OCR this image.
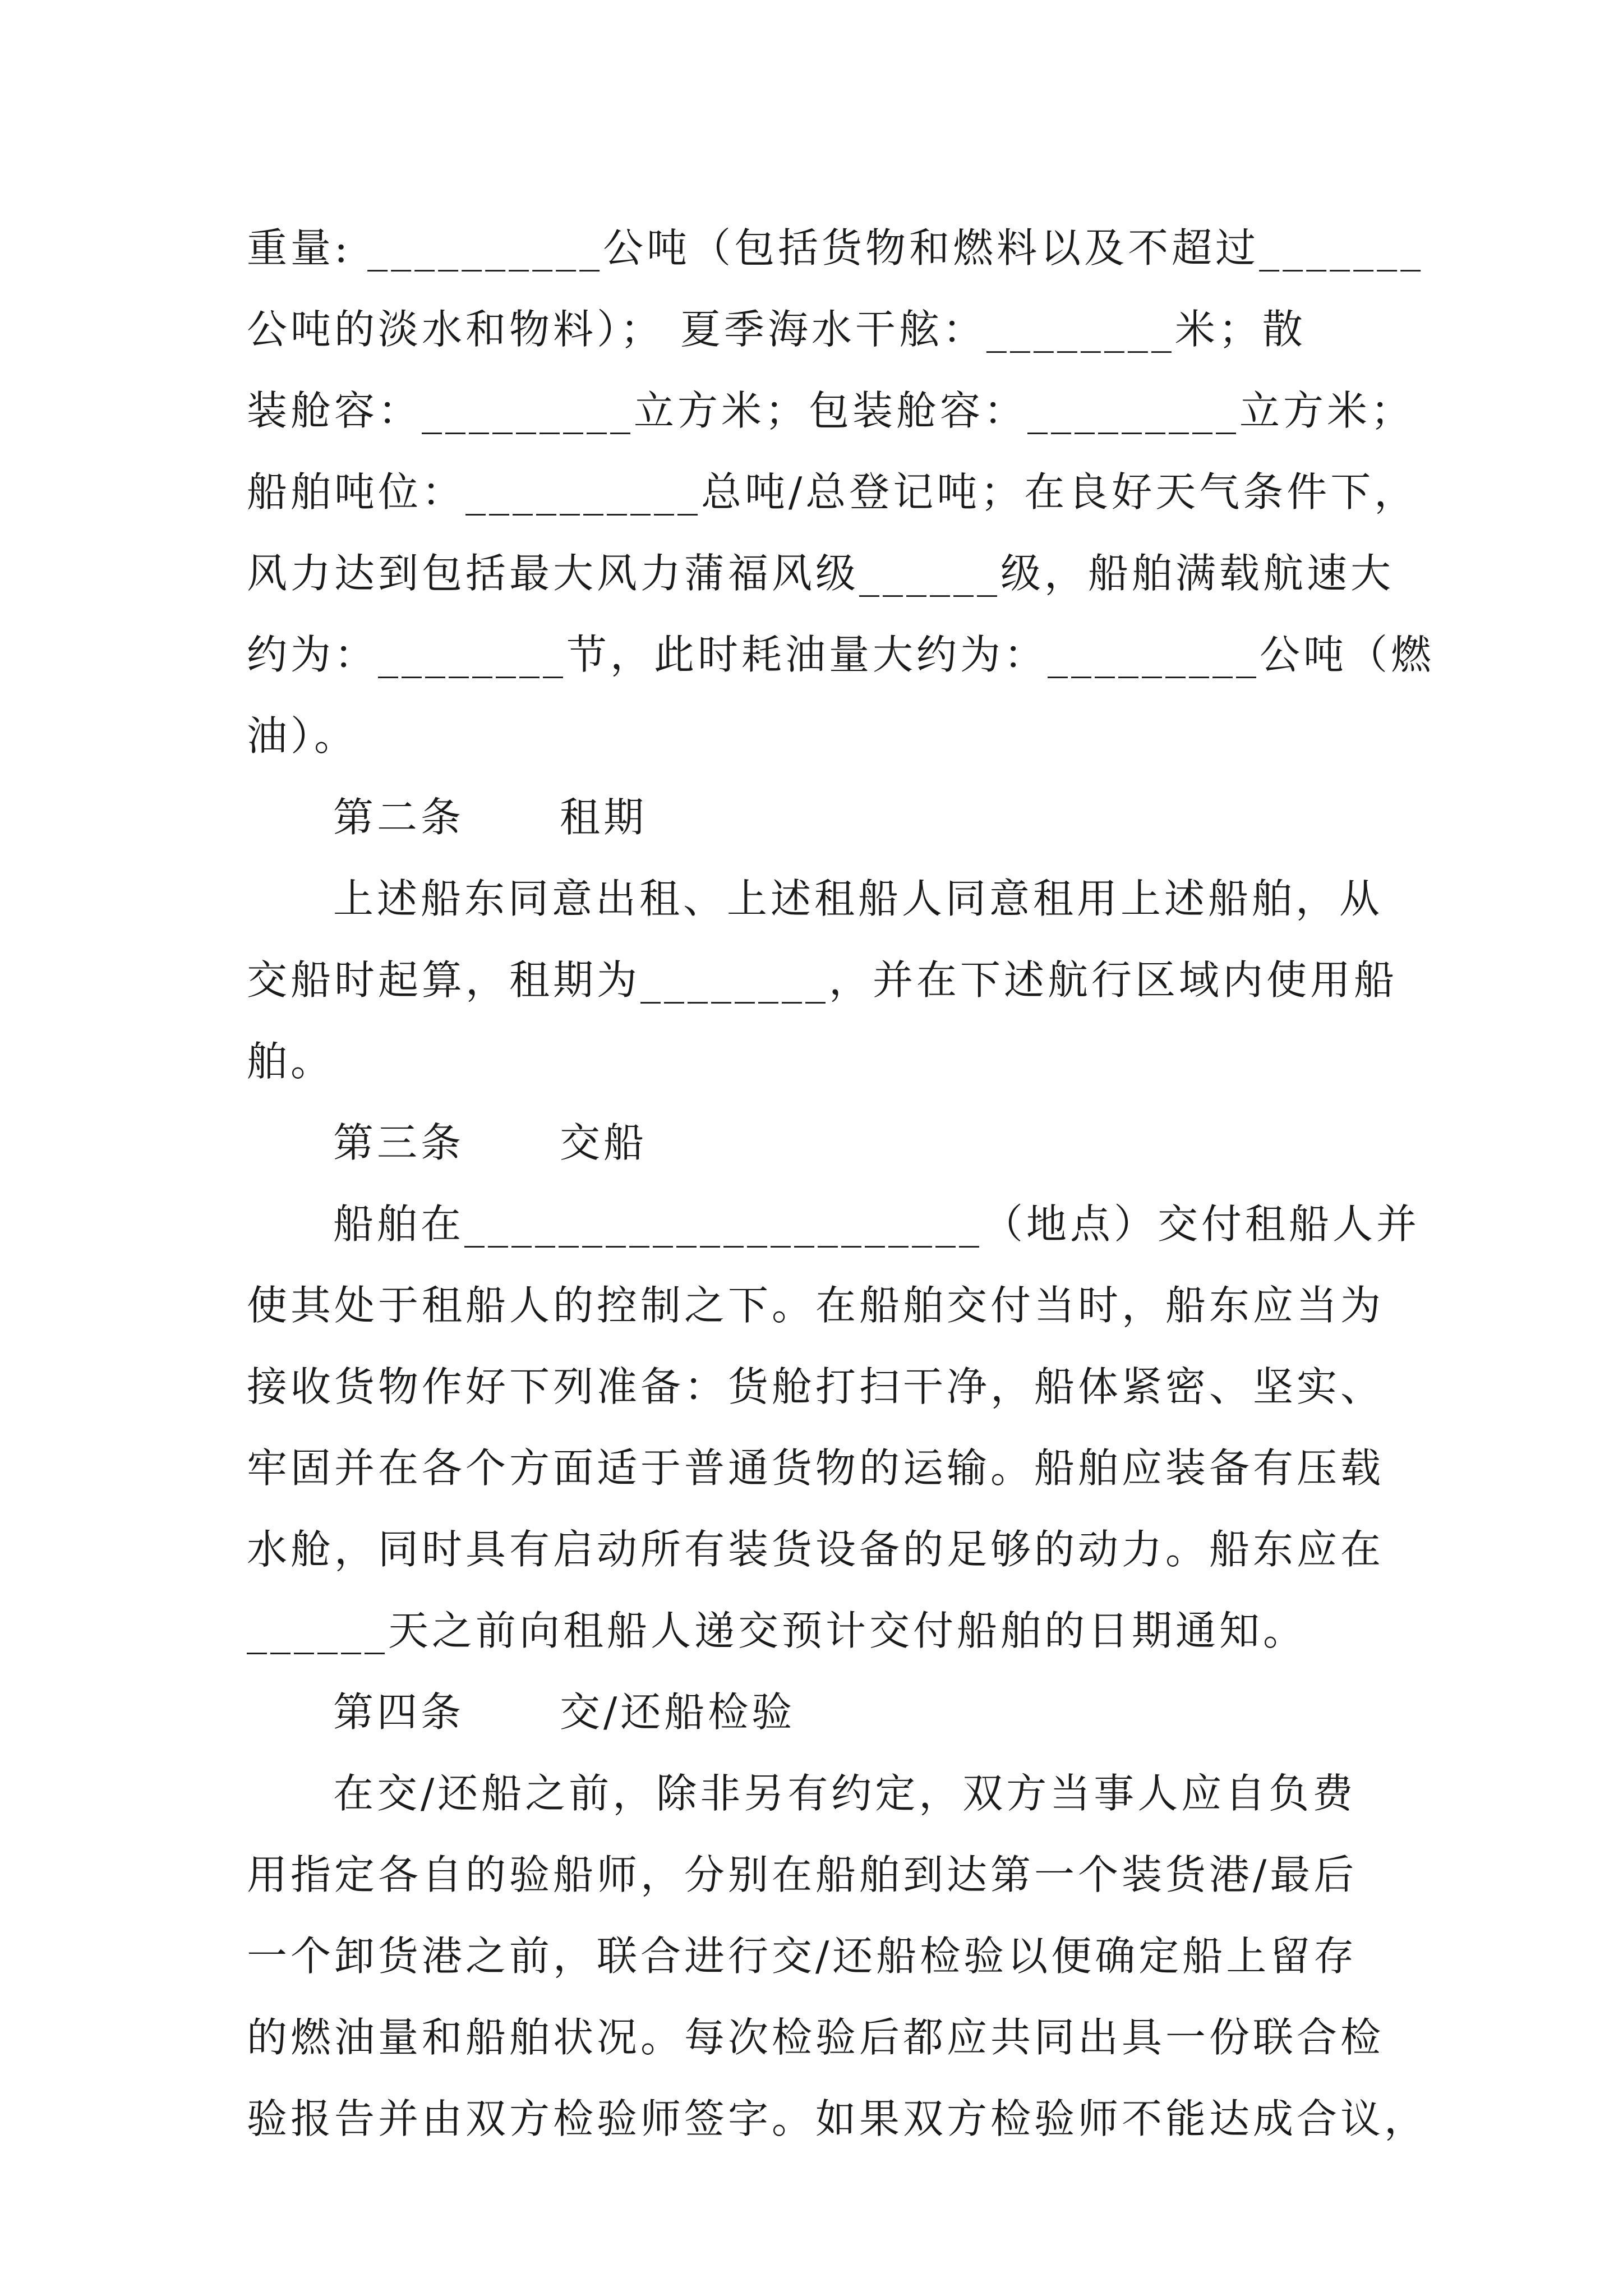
重量: __________公吨（包括货物和燃料以及不超过_______
公吨的淡水和物料）； 夏季海水干舷：________米；散
装舱容：_________立方米；包装舱容：_________立方米；
船舶吨位：__________总吨/总登记吨；在良好天气条件下，
风力达到包括最大风力蒲福风级______级，船舶满载航速大
约为：________节，此时耗油量大约为：_________公吨（燃
油）。
第二条 租期
上述船东同意出租、上述租船人同意租用上述船舶，从
交船时起算，租期为________，并在下述航行区域内使用船
舶。
第三条 交船
船舶在______________________（地点）交付租船人并
使其处于租船人的控制之下。在船舶交付当时，船东应当为
接收货物作好下列准备：货舱打扫干净，船体紧密、坚实、
牢固并在各个方面适于普通货物的运输。船舶应装备有压载
水舱，同时具有启动所有装货设备的足够的动力。船东应在
______天之前向租船人递交预计交付船舶的日期通知。
第四条 交/还船检验
在交/还船之前，除非另有约定，双方当事人应自负费
用指定各自的验船师，分别在船舶到达第一个装货港/最后
一个卸货港之前，联合进行交/还船检验以便确定船上留存
的燃油量和船舶状况。每次检验后都应共同出具一份联合检
验报告并由双方检验师签字。如果双方检验师不能达成合议，
